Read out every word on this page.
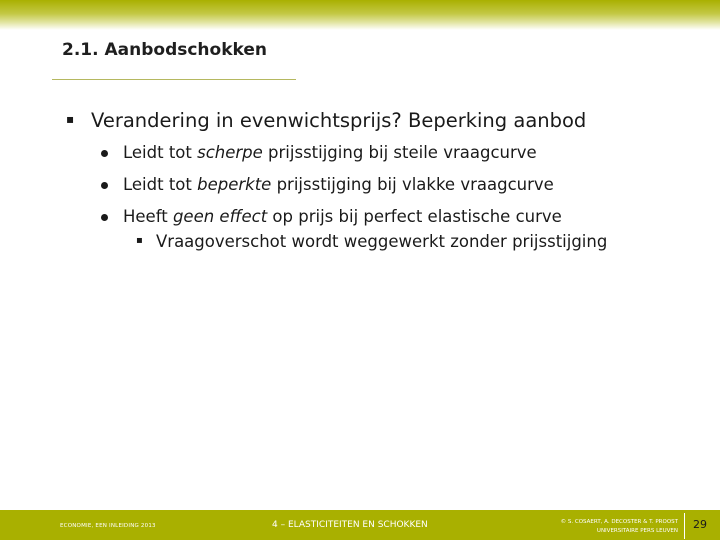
2.1. Aanbodschokken
▪ Verandering in evenwichtsprijs? Beperking aanbod
Leidt tot scherpe prijsstijging bij steile vraagcurve
Leidt tot beperkte prijsstijging bij vlakke vraagcurve
Heeft geen effect op prijs bij perfect elastische curve
▪ Vraagoverschot wordt weggewerkt zonder prijsstijging
ECONOMIE, EEN INLEIDING 2013	4 – ELASTICITEITEN EN SCHOKKEN	© S. COSAERT, A. DECOSTER & T. PROOST
UNIVERSITAIRE PERS LEUVEN 29
